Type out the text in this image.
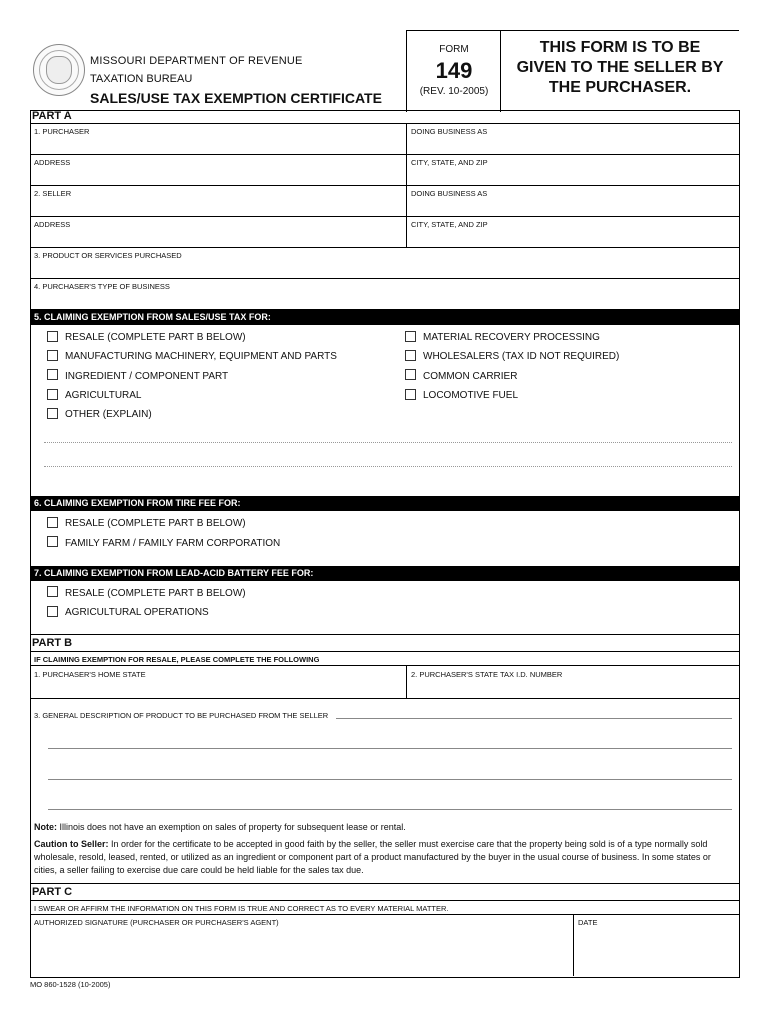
MISSOURI DEPARTMENT OF REVENUE
TAXATION BUREAU
SALES/USE TAX EXEMPTION CERTIFICATE
FORM
149
(REV. 10-2005)
THIS FORM IS TO BE
GIVEN TO THE SELLER BY
THE PURCHASER.
PART A
1. PURCHASER	DOING BUSINESS AS
ADDRESS	CITY, STATE, AND ZIP
2. SELLER	DOING BUSINESS AS
ADDRESS	CITY, STATE, AND ZIP
3. PRODUCT OR SERVICES PURCHASED
4. PURCHASER'S TYPE OF BUSINESS
5. CLAIMING EXEMPTION FROM SALES/USE TAX FOR:
RESALE (COMPLETE PART B BELOW)
MANUFACTURING MACHINERY, EQUIPMENT AND PARTS
INGREDIENT / COMPONENT PART
AGRICULTURAL
OTHER (EXPLAIN)
MATERIAL RECOVERY PROCESSING
WHOLESALERS (TAX ID NOT REQUIRED)
COMMON CARRIER
LOCOMOTIVE FUEL
6. CLAIMING EXEMPTION FROM TIRE FEE FOR:
RESALE (COMPLETE PART B BELOW)
FAMILY FARM / FAMILY FARM CORPORATION
7. CLAIMING EXEMPTION FROM LEAD-ACID BATTERY FEE FOR:
RESALE (COMPLETE PART B BELOW)
AGRICULTURAL OPERATIONS
PART B
IF CLAIMING EXEMPTION FOR RESALE, PLEASE COMPLETE THE FOLLOWING
1. PURCHASER'S HOME STATE	2. PURCHASER'S STATE TAX I.D. NUMBER
3. GENERAL DESCRIPTION OF PRODUCT TO BE PURCHASED FROM THE SELLER
Note: Illinois does not have an exemption on sales of property for subsequent lease or rental.
Caution to Seller: In order for the certificate to be accepted in good faith by the seller, the seller must exercise care that the property being sold is of a type normally sold wholesale, resold, leased, rented, or utilized as an ingredient or component part of a product manufactured by the buyer in the usual course of business. In some states or cities, a seller failing to exercise due care could be held liable for the sales tax due.
PART C
I SWEAR OR AFFIRM THE INFORMATION ON THIS FORM IS TRUE AND CORRECT AS TO EVERY MATERIAL MATTER.
AUTHORIZED SIGNATURE (PURCHASER OR PURCHASER'S AGENT)	DATE
MO 860-1528 (10-2005)
